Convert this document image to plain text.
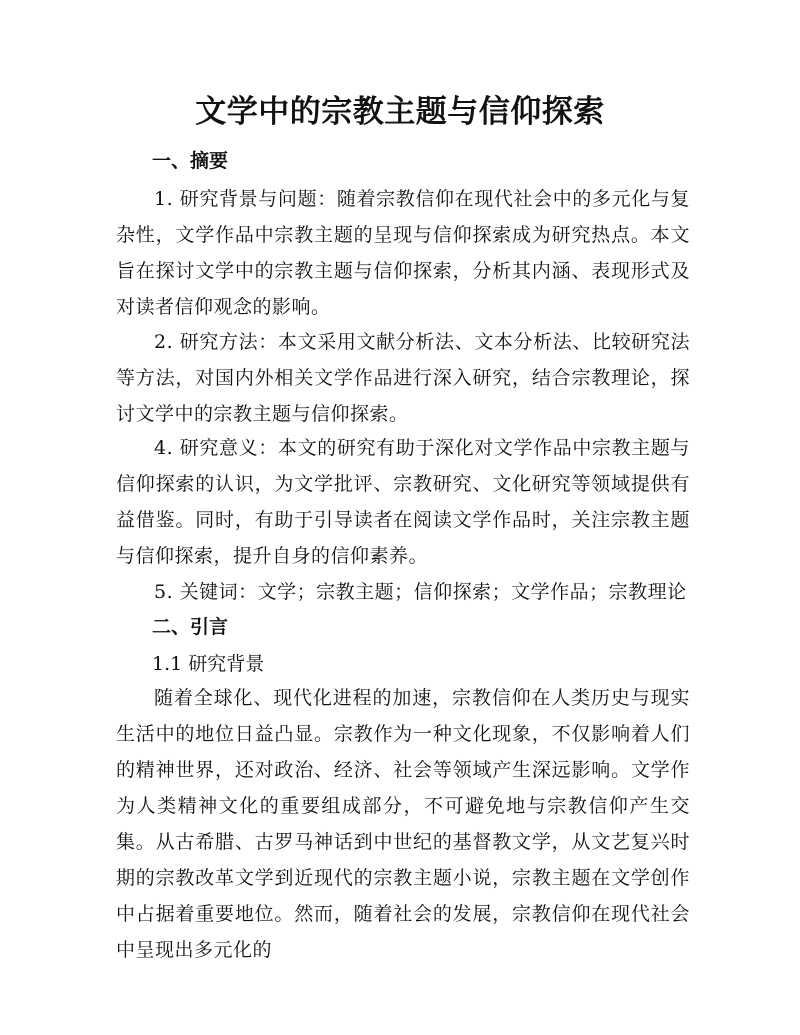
文学中的宗教主题与信仰探索
一、摘要
1. 研究背景与问题：随着宗教信仰在现代社会中的多元化与复杂性，文学作品中宗教主题的呈现与信仰探索成为研究热点。本文旨在探讨文学中的宗教主题与信仰探索，分析其内涵、表现形式及对读者信仰观念的影响。
2. 研究方法：本文采用文献分析法、文本分析法、比较研究法等方法，对国内外相关文学作品进行深入研究，结合宗教理论，探讨文学中的宗教主题与信仰探索。
4. 研究意义：本文的研究有助于深化对文学作品中宗教主题与信仰探索的认识，为文学批评、宗教研究、文化研究等领域提供有益借鉴。同时，有助于引导读者在阅读文学作品时，关注宗教主题与信仰探索，提升自身的信仰素养。
5. 关键词：文学；宗教主题；信仰探索；文学作品；宗教理论
二、引言
1.1 研究背景
随着全球化、现代化进程的加速，宗教信仰在人类历史与现实生活中的地位日益凸显。宗教作为一种文化现象，不仅影响着人们的精神世界，还对政治、经济、社会等领域产生深远影响。文学作为人类精神文化的重要组成部分，不可避免地与宗教信仰产生交集。从古希腊、古罗马神话到中世纪的基督教文学，从文艺复兴时期的宗教改革文学到近现代的宗教主题小说，宗教主题在文学创作中占据着重要地位。然而，随着社会的发展，宗教信仰在现代社会中呈现出多元化的
